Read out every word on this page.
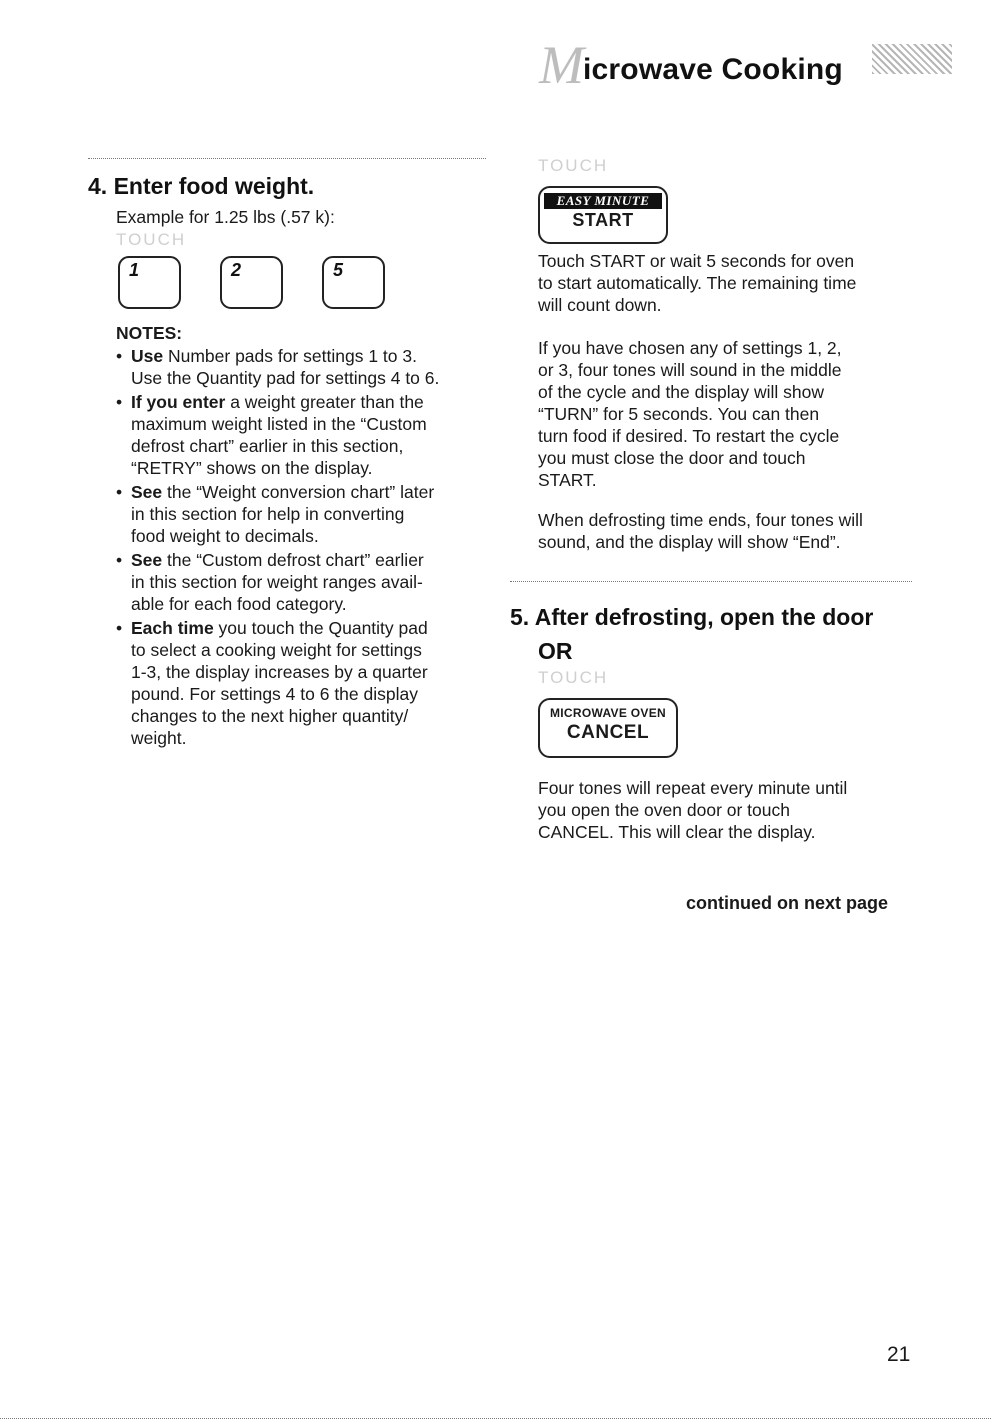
M icrowave Cooking
4. Enter food weight.
Example for 1.25 lbs (.57 k):
TOUCH
1	2	5
NOTES:
• Use Number pads for settings 1 to 3.
Use the Quantity pad for settings 4 to 6.
• If you enter a weight greater than the
maximum weight listed in the “Custom
defrost chart” earlier in this section,
“RETRY” shows on the display.
• See the “Weight conversion chart” later
in this section for help in converting
food weight to decimals.
• See the “Custom defrost chart” earlier
in this section for weight ranges avail-
able for each food category.
• Each time you touch the Quantity pad
to select a cooking weight for settings
1-3, the display increases by a quarter
pound. For settings 4 to 6 the display
changes to the next higher quantity/
weight.
TOUCH
EASY MINUTE
START
Touch START or wait 5 seconds for oven
to start automatically. The remaining time
will count down.
If you have chosen any of settings 1, 2,
or 3, four tones will sound in the middle
of the cycle and the display will show
“TURN” for 5 seconds. You can then
turn food if desired. To restart the cycle
you must close the door and touch
START.
When defrosting time ends, four tones will
sound, and the display will show “End”.
5. After defrosting, open the door
OR
TOUCH
MICROWAVE OVEN
CANCEL
Four tones will repeat every minute until
you open the oven door or touch
CANCEL. This will clear the display.
continued on next page
21
